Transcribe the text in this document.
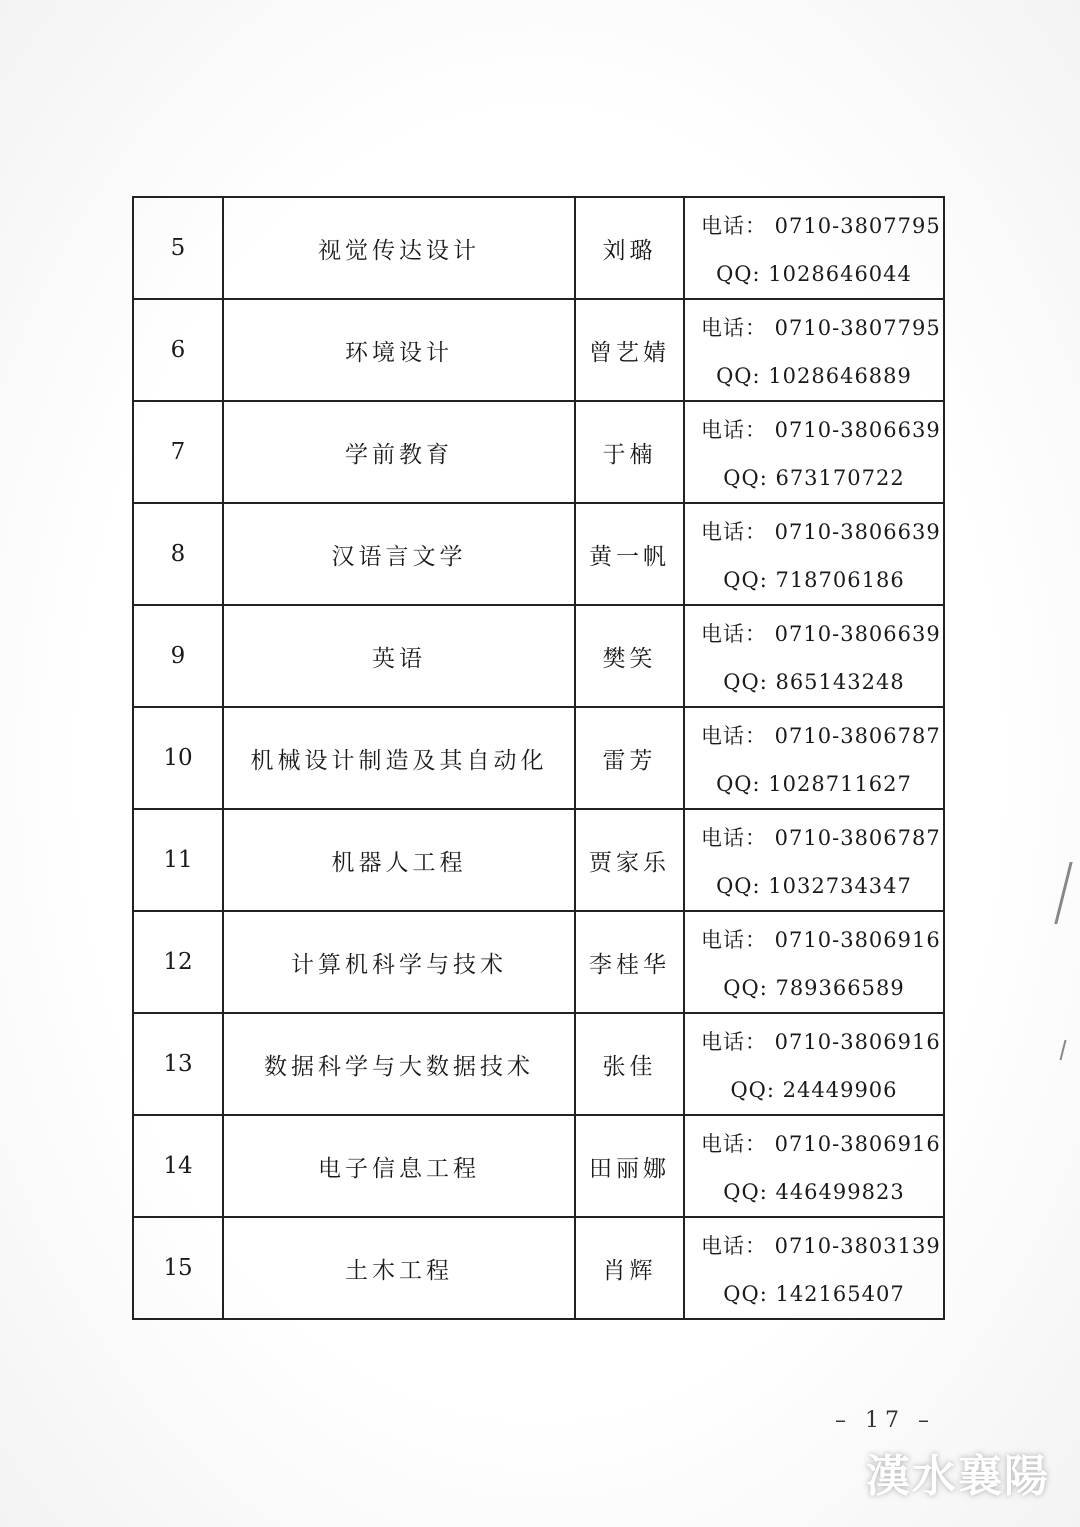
5	视觉传达设计	刘璐	电话： 0710-3807795
QQ: 1028646044

6	环境设计	曾艺婧	电话： 0710-3807795
QQ: 1028646889

7	学前教育	于楠	电话： 0710-3806639
QQ: 673170722

8	汉语言文学	黄一帆	电话： 0710-3806639
QQ: 718706186

9	英语	樊笑	电话： 0710-3806639
QQ: 865143248

10	机械设计制造及其自动化	雷芳	电话： 0710-3806787
QQ: 1028711627

11	机器人工程	贾家乐	电话： 0710-3806787
QQ: 1032734347

12	计算机科学与技术	李桂华	电话： 0710-3806916
QQ: 789366589

13	数据科学与大数据技术	张佳	电话： 0710-3806916
QQ: 24449906

14	电子信息工程	田丽娜	电话： 0710-3806916
QQ: 446499823

15	土木工程	肖辉	电话： 0710-3803139
QQ: 142165407
– 17 –
漢水襄陽
